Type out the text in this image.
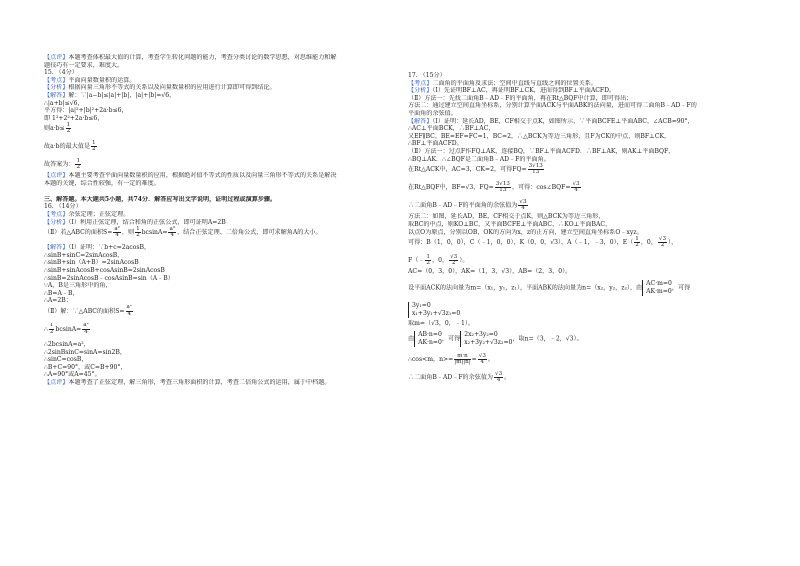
【点评】本题考查体积最大值的计算，考查学生转化问题的能力，考查分类讨论的数学思想，对思维能力和解
题技巧有一定要求，难度大。
15. （4分）
【考点】平面向量数量积的运算。
【分析】根据向量三角形不等式的关系以及向量数量积的应用进行计算即可得到结论。
【解答】解：∵|a−b|≤|a|+|b|，|a|+|b|=√6，
∴|a+b|≤√6，
平方得：|a|²+|b|²+2a·b≤6，
即 1²+2²+2a·b≤6，
则$a\cdot b\le \frac{1}{2}$
故a·b的最大值是 $\frac{1}{2}$
故答案为： $\frac{1}{2}$
【点评】本题主要考查平面向量数量积的应用，根据绝对值不等式的性质以及向量三角形不等式的关系是解决
本题的关键，综合性较强，有一定的难度。
三、解答题。本大题共5小题，共74分．解答应写出文字说明，证明过程或演算步骤。
16. （14分）
【考点】余弦定理；正弦定理。
【分析】（Ⅰ）利用正弦定理，结合和角的正弦公式，即可证明A=2B
（Ⅱ）若△ABC的面积$S= \frac{\text{a²}}{4}$ ，则 $\frac{1}{2} bcsinA= \frac{\text{a²}}{4}$ ，结合正弦定理、二倍角公式，即可求解角A的大小。
【解答】（Ⅰ）证明：∵b+c=2acosB，
∴sinB+sinC=2sinAcosB，
∴sinB+sin（A+B）=2sinAcosB
∴sinB+sinAcosB+cosAsinB=2sinAcosB
∴sinB=2sinAcosB﹣cosAsinB=sin（A﹣B）
∵A，B是三角形中的角，
∴B=A﹣B，
∴A=2B；
（Ⅱ）解：∵△ABC的面积$S= \frac{\text{a²}}{4}$
∴ $\frac{1}{2} bcsinA= \frac{\text{a²}}{4}$
∴2bcsinA=a²，
∴2sinBsinC=sinA=sin2B，
∴sinC=cosB，
∴B+C=90°，或C=B+90°，
∴A=90°或A=45°。
【点评】本题考查了正弦定理，解三角形，考查三角形面积的计算，考查二倍角公式的运用，属于中档题。
17. （15分）
【考点】二面角的平面角及求法；空间中直线与直线之间的位置关系。
【分析】（Ⅰ）先证明BF⊥AC，再证明BF⊥CK，进而得到BF⊥平面ACFD。
（Ⅱ）方法一：先找二面角B﹣AD﹣F的平面角，再在Rt△BQF中计算，即可得出；
方法二：通过建立空间直角坐标系，分别计算平面ACK与平面ABK的法向量，进而可得二面角B﹣AD﹣F的
平面角的余弦值。
【解答】（Ⅰ）证明：延长AD，BE，CF相交于点K，如图所示，∵平面BCFE⊥平面ABC，∠ACB=90°，
∴AC⊥平面BCK，∴BF⊥AC，
又EF∥BC，BE=EF=FC=1，BC=2，∴△BCK为等边三角形，且F为CK的中点，则BF⊥CK，
∴BF⊥平面ACFD。
（Ⅱ）方法一：过点F作FQ⊥AK，连接BQ，∵BF⊥平面ACFD．∴BF⊥AK，则AK⊥平面BQF，
∴BQ⊥AK．∴∠BQF是二面角B﹣AD﹣F的平面角。
在Rt△ACK中，AC=3，CK=2，可得$FQ= \frac{3√13}{13}$
在Rt△BQF中，BF=√3，$FQ= \frac{3√13}{13}$ ，可得：cos∠BQF= $\frac{√3}{4}$
∴二面角B﹣AD﹣F的平面角的余弦值为 $\frac{√3}{4}$
方法二：如图，延长AD，BE，CF相交于点K，则△BCK为等边三角形，
取BC的中点，则KO⊥BC，又平面BCFE⊥平面ABC，∴KO⊥平面BAC，
以点O为原点，分别以OB，OK的方向为x，z的正方向，建立空间直角坐标系O﹣xyz。
可得：B（1，0，0），C（﹣1，0，0），K（0，0，√3），A（﹣1，﹣3，0），$E( \frac{1}{2}$ ，0， $\frac{√3}{2}$ ），
F（﹣ $\frac{1}{2}$ ，0， $\frac{√3}{2}$ ）。
AC=（0，3，0），AK=（1，3，√3），AB=（2，3，0）。
设平面ACK的法向量为m=（x₁，y₁，z₁），平面ABK的法向量为n=（x₂，y₂，z₂），由
AC·m=0
AK·m=0 ，可得
3y₁=0
x₁+3y₁+√3z₁=0
取m=（√3，0，﹣1）。
由
AB·n=0
AK·n=0 ，可得
2x₂+3y₂=0
x₂+3y₂+√3z₂=0 ，取n=（3，﹣2，√3）。
∴cos<m，$n>= \frac{m\cdot n}{|m||n|} = \frac{√3}{4}$ 。
∴二面角B﹣AD﹣F的余弦值为 $\frac{√3}{4}$ 。
